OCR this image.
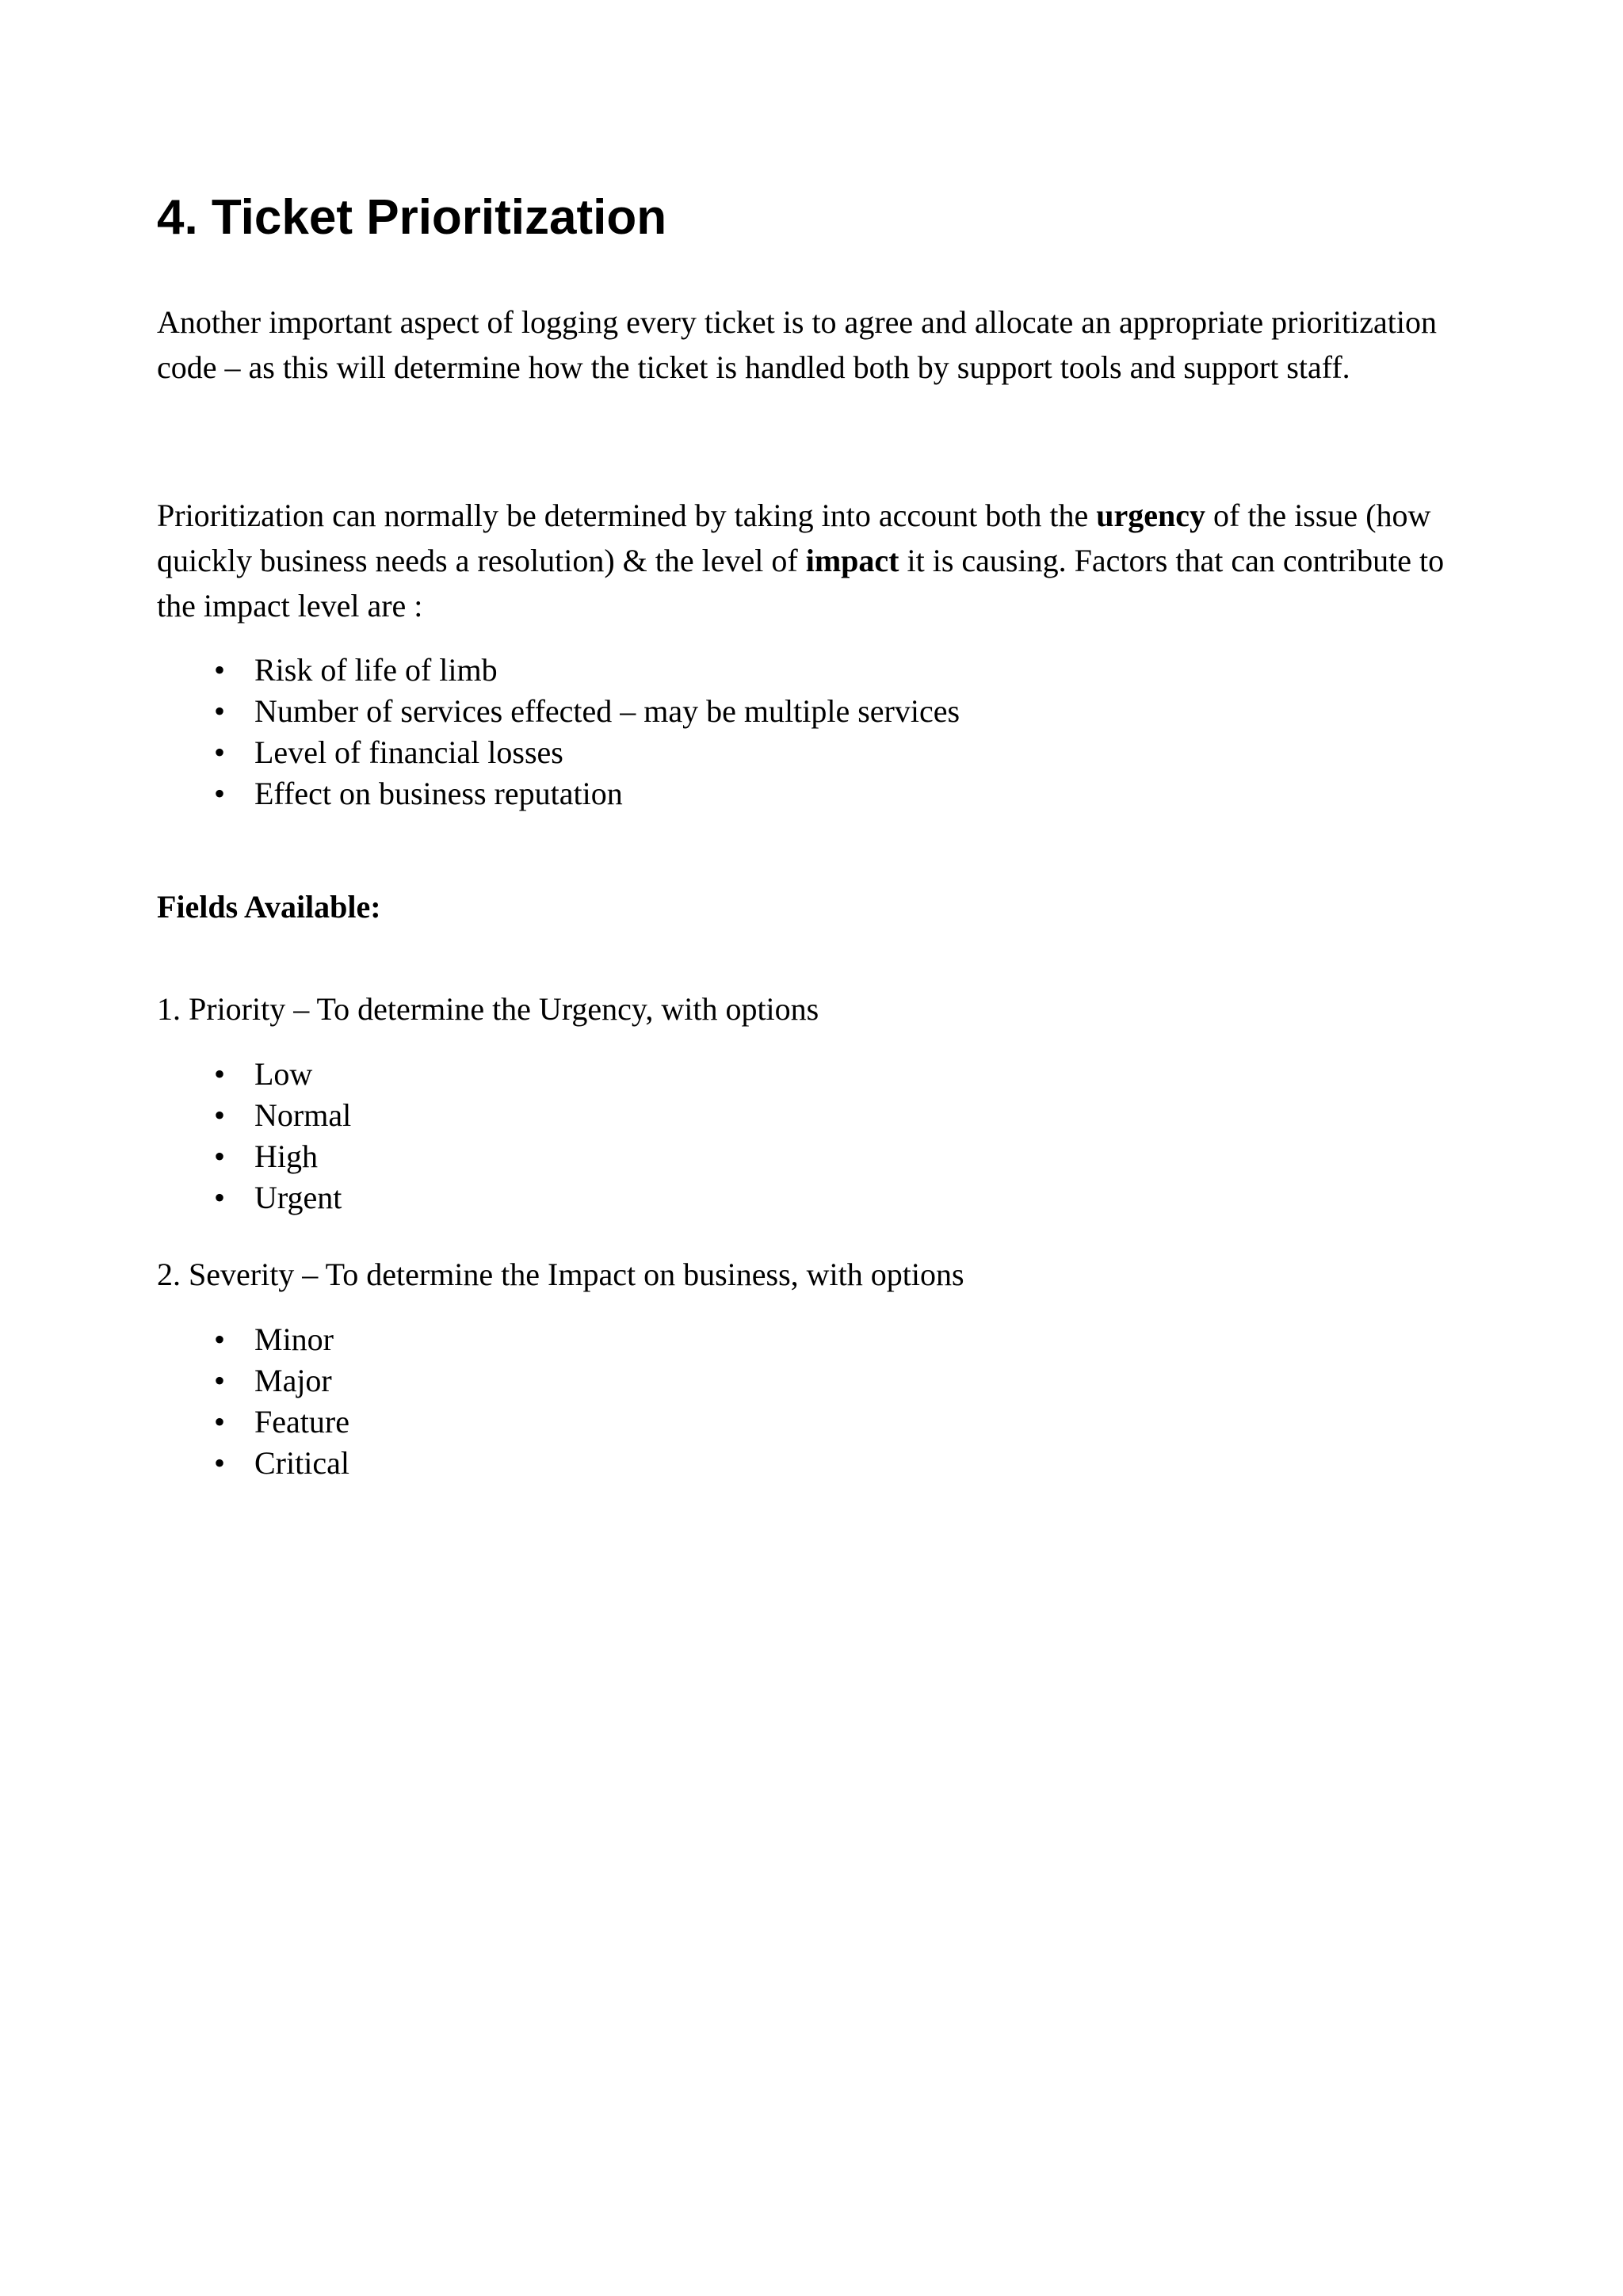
4. Ticket Prioritization

Another important aspect of logging every ticket is to agree and allocate an appropriate prioritization code – as this will determine how the ticket is handled both by support tools and support staff.

Prioritization can normally be determined by taking into account both the urgency of the issue (how quickly business needs a resolution) & the level of impact it is causing. Factors that can contribute to the impact level are :

• Risk of life of limb
• Number of services effected – may be multiple services
• Level of financial losses
• Effect on business reputation

Fields Available:

1. Priority – To determine the Urgency, with options

• Low
• Normal
• High
• Urgent

2. Severity – To determine the Impact on business, with options

• Minor
• Major
• Feature
• Critical
